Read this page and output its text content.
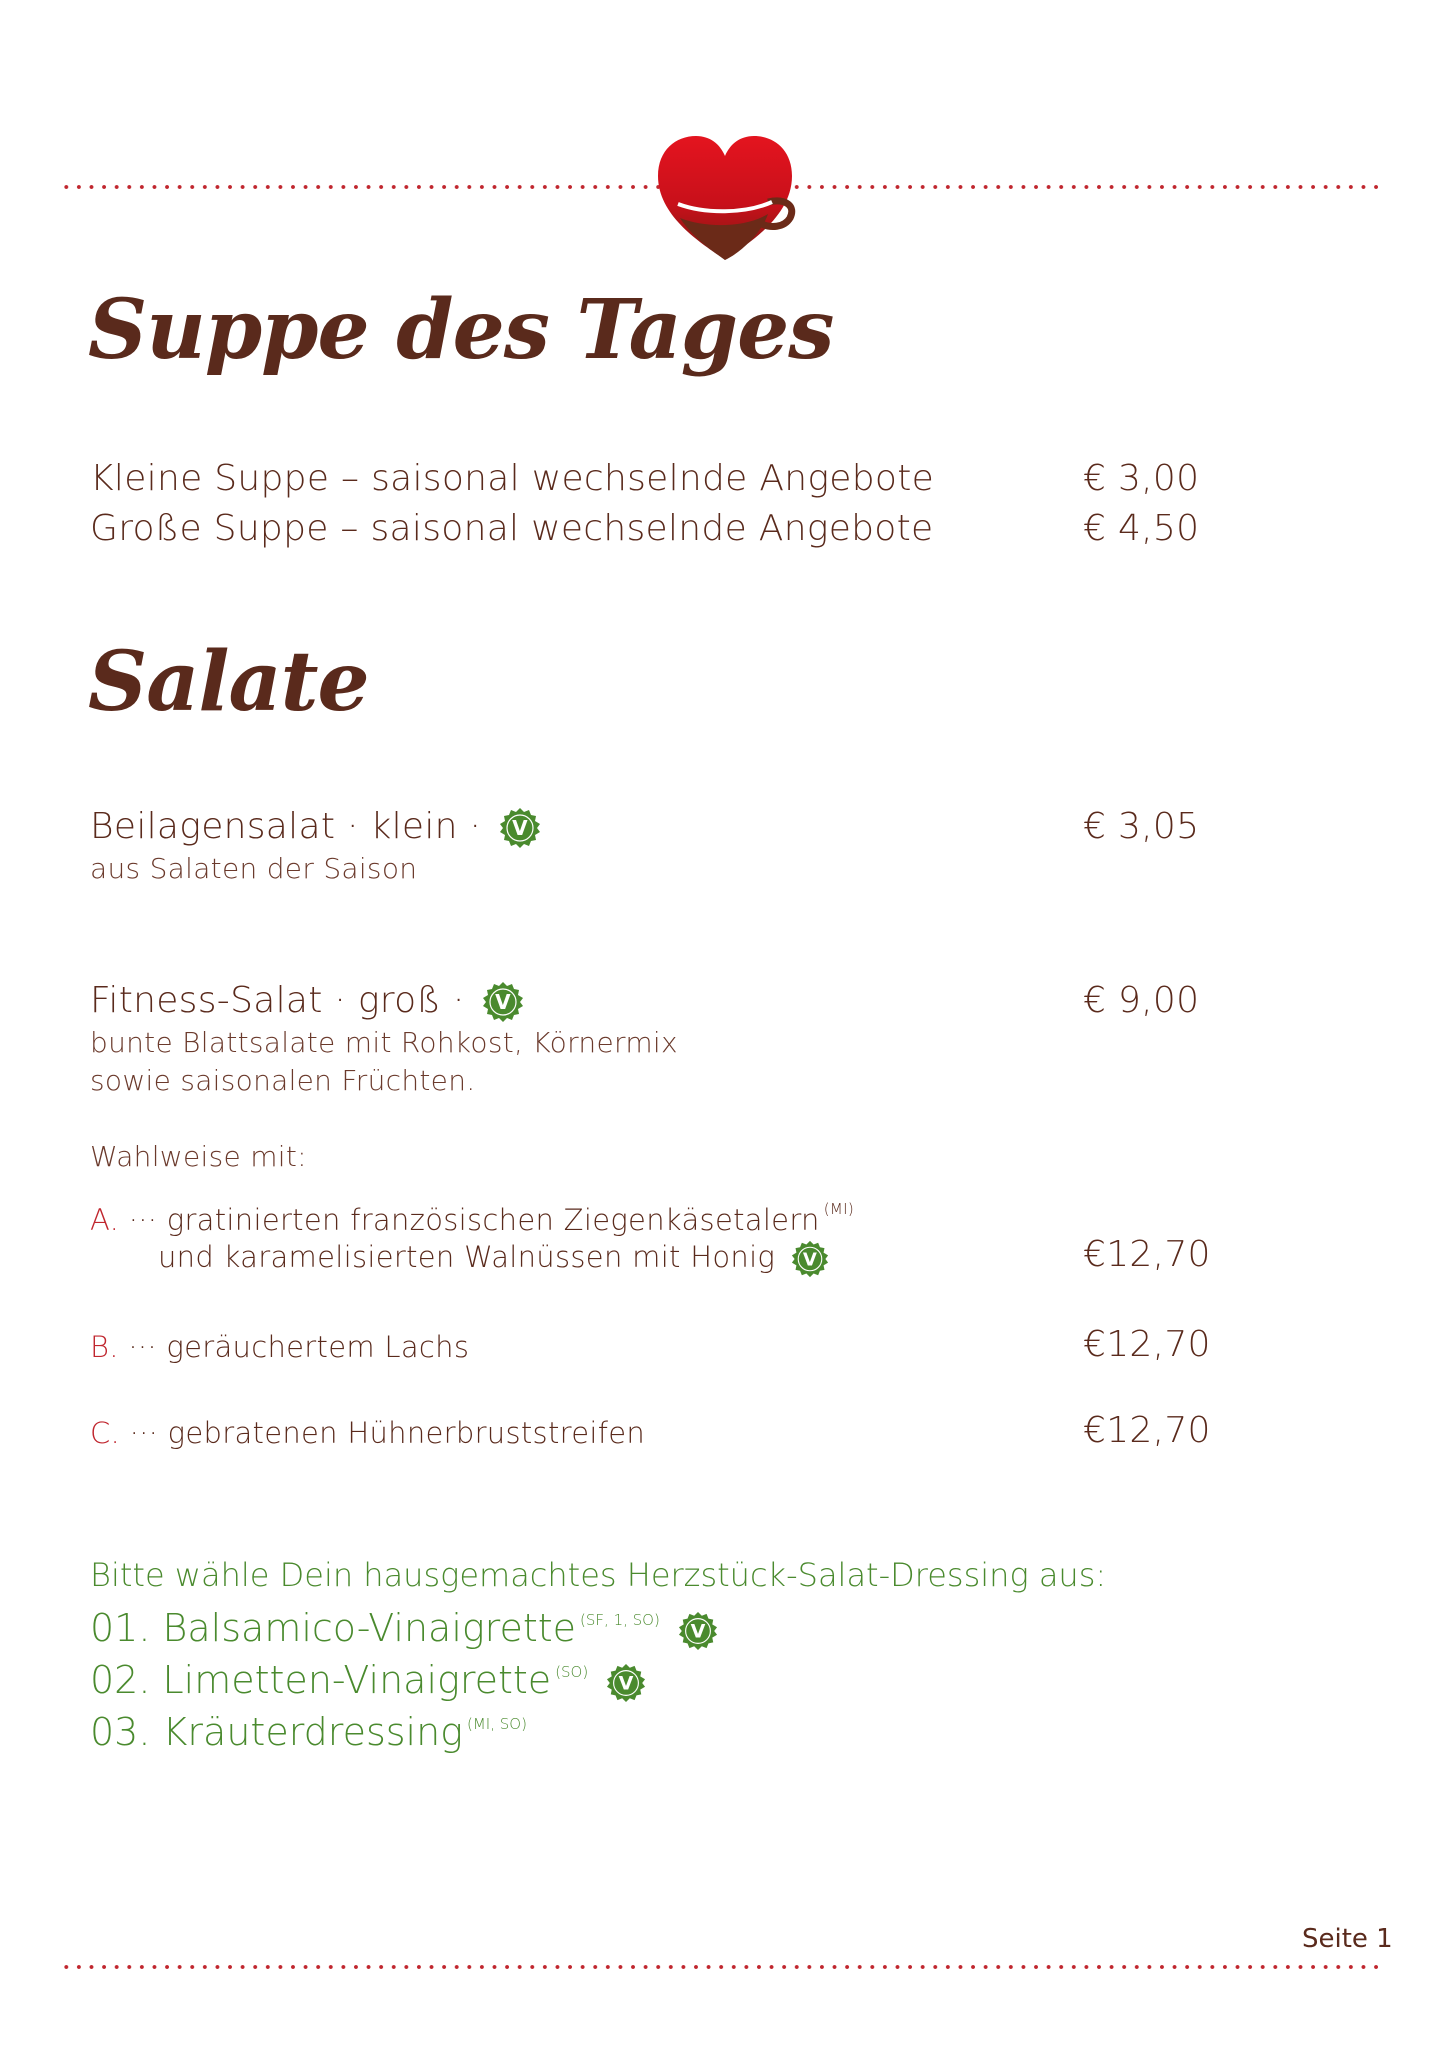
Suppe des Tages
Kleine Suppe – saisonal wechselnde Angebote	€ 3,00
Große Suppe – saisonal wechselnde Angebote	€ 4,50
Salate
Beilagensalat · klein · V	€ 3,05
aus Salaten der Saison
Fitness-Salat · groß · V	€ 9,00
bunte Blattsalate mit Rohkost, Körnermix
sowie saisonalen Früchten.
Wahlweise mit:
A. ··· gratinierten französischen Ziegenkäsetalern $^{(MI)}$
und karamelisierten Walnüssen mit Honig V	€12,70
B. ··· geräuchertem Lachs	€12,70
C. ··· gebratenen Hühnerbruststreifen	€12,70
Bitte wähle Dein hausgemachtes Herzstück-Salat-Dressing aus:
01. Balsamico-Vinaigrette $^{(SF, 1, SO)}$
V
02. Limetten-Vinaigrette $^{(SO)}$
V
03. Kräuterdressing $^{(MI, SO)}$
Seite 1
